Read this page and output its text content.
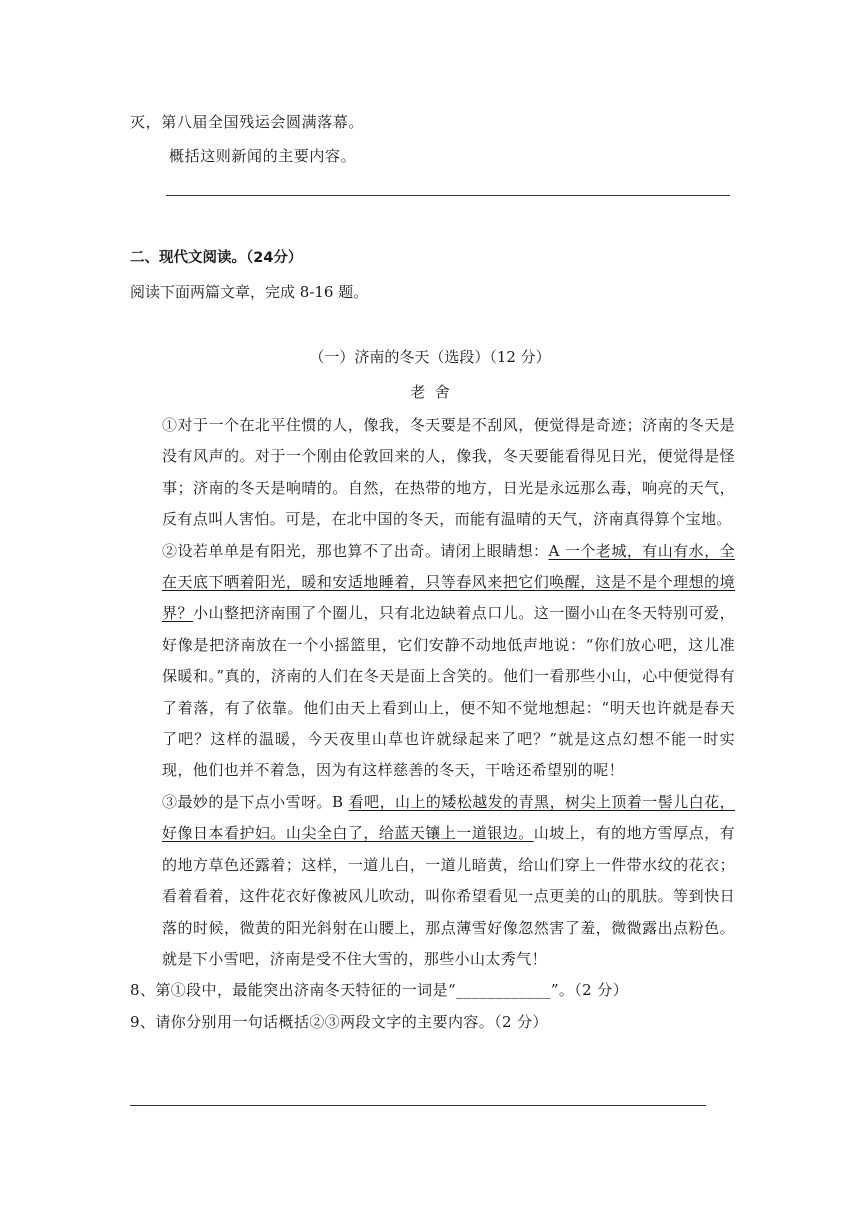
灭，第八届全国残运会圆满落幕。
概括这则新闻的主要内容。
二、现代文阅读。（24分）
阅读下面两篇文章，完成 8-16 题。
（一）济南的冬天（选段）（12 分）
老  舍

①对于一个在北平住惯的人，像我，冬天要是不刮风，便觉得是奇迹；济南的冬天是没有风声的。对于一个刚由伦敦回来的人，像我，冬天要能看得见日光，便觉得是怪事；济南的冬天是响晴的。自然，在热带的地方，日光是永远那么毒，响亮的天气，反有点叫人害怕。可是，在北中国的冬天，而能有温晴的天气，济南真得算个宝地。

②设若单单是有阳光，那也算不了出奇。请闭上眼睛想：A 一个老城，有山有水，全在天底下晒着阳光，暖和安适地睡着，只等春风来把它们唤醒，这是不是个理想的境界？小山整把济南围了个圈儿，只有北边缺着点口儿。这一圈小山在冬天特别可爱，好像是把济南放在一个小摇篮里，它们安静不动地低声地说：“你们放心吧，这儿准保暖和。”真的，济南的人们在冬天是面上含笑的。他们一看那些小山，心中便觉得有了着落，有了依靠。他们由天上看到山上，便不知不觉地想起：“明天也许就是春天了吧？这样的温暖，今天夜里山草也许就绿起来了吧？”就是这点幻想不能一时实现，他们也并不着急，因为有这样慈善的冬天，干啥还希望别的呢！

③最妙的是下点小雪呀。B 看吧，山上的矮松越发的青黑，树尖上顶着一髻儿白花，好像日本看护妇。山尖全白了，给蓝天镶上一道银边。山坡上，有的地方雪厚点，有的地方草色还露着；这样，一道儿白，一道儿暗黄，给山们穿上一件带水纹的花衣；看着看着，这件花衣好像被风儿吹动，叫你希望看见一点更美的山的肌肤。等到快日落的时候，微黄的阳光斜射在山腰上，那点薄雪好像忽然害了羞，微微露出点粉色。就是下小雪吧，济南是受不住大雪的，那些小山太秀气！

8、第①段中，最能突出济南冬天特征的一词是“____________”。（2 分）

9、请你分别用一句话概括②③两段文字的主要内容。（2 分）
